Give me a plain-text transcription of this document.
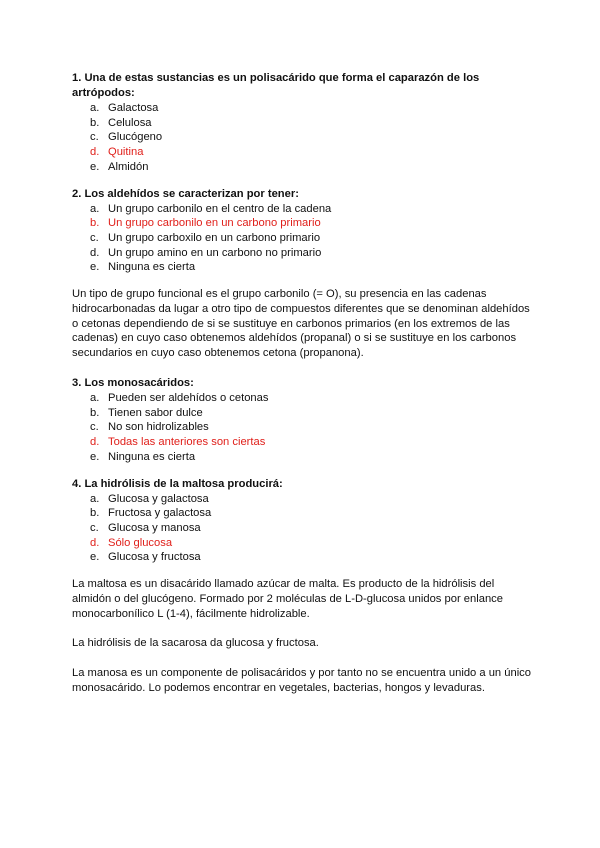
1. Una de estas sustancias es un polisacárido que forma el caparazón de los artrópodos:

a. Galactosa
b. Celulosa
c. Glucógeno
d. Quitina
e. Almidón

2. Los aldehídos se caracterizan por tener:

a. Un grupo carbonilo en el centro de la cadena
b. Un grupo carbonilo en un carbono primario
c. Un grupo carboxilo en un carbono primario
d. Un grupo amino en un carbono no primario
e. Ninguna es cierta

Un tipo de grupo funcional es el grupo carbonilo (= O), su presencia en las cadenas hidrocarbonadas da lugar a otro tipo de compuestos diferentes que se denominan aldehídos o cetonas dependiendo de si se sustituye en carbonos primarios (en los extremos de las cadenas) en cuyo caso obtenemos aldehídos (propanal) o si se sustituye en los carbonos secundarios en cuyo caso obtenemos cetona (propanona).

3. Los monosacáridos:

a. Pueden ser aldehídos o cetonas
b. Tienen sabor dulce
c. No son hidrolizables
d. Todas las anteriores son ciertas
e. Ninguna es cierta

4. La hidrólisis de la maltosa producirá:

a. Glucosa y galactosa
b. Fructosa y galactosa
c. Glucosa y manosa
d. Sólo glucosa
e. Glucosa y fructosa

La maltosa es un disacárido llamado azúcar de malta. Es producto de la hidrólisis del almidón o del glucógeno. Formado por 2 moléculas de L-D-glucosa unidos por enlance monocarbonílico L (1-4), fácilmente hidrolizable.

La hidrólisis de la sacarosa da glucosa y fructosa.

La manosa es un componente de polisacáridos y por tanto no se encuentra unido a un único monosacárido. Lo podemos encontrar en vegetales, bacterias, hongos y levaduras.
